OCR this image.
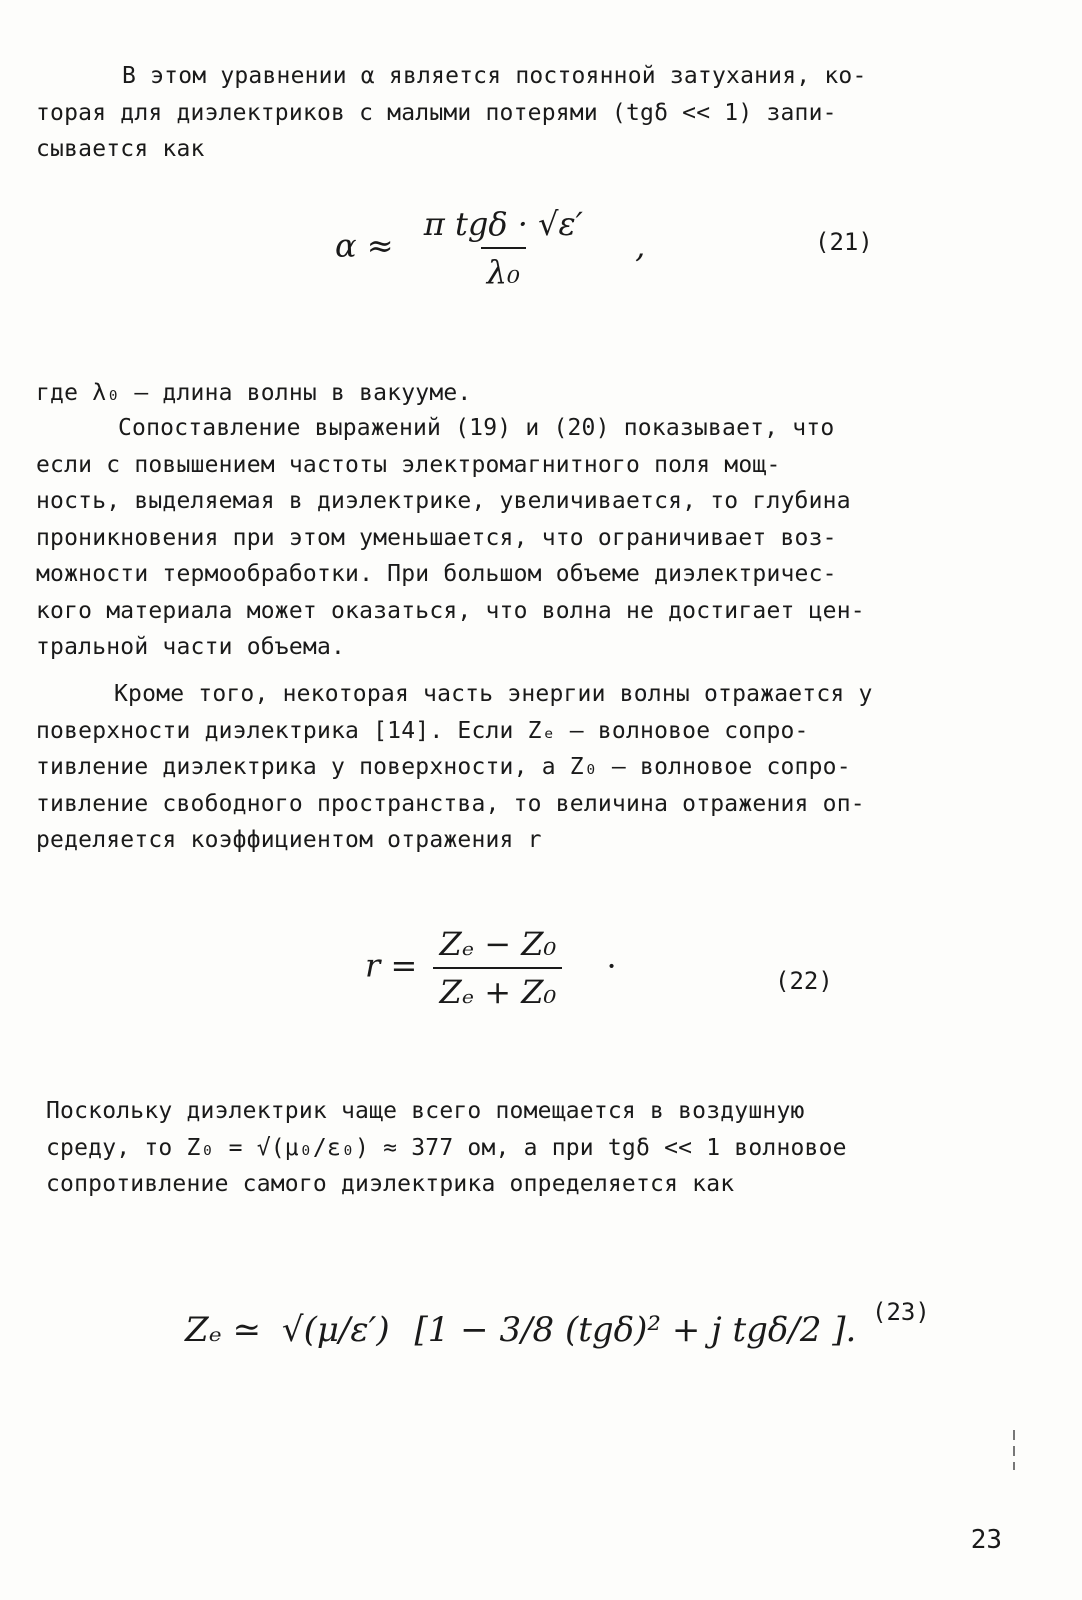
В этом уравнении α является постоянной затухания, ко-
торая для диэлектриков с малыми потерями (tgδ << 1) запи-
сывается как
$\alpha \approx \frac{\text{π tgδ · √ε′}}{\text{λ₀}}$ ,	(21)
где λ₀ – длина волны в вакууме.
Сопоставление выражений (19) и (20) показывает, что
если с повышением частоты электромагнитного поля мощ-
ность, выделяемая в диэлектрике, увеличивается, то глубина
проникновения при этом уменьшается, что ограничивает воз-
можности термообработки. При большом объеме диэлектричес-
кого материала может оказаться, что волна не достигает цен-
тральной части объема.
Кроме того, некоторая часть энергии волны отражается у
поверхности диэлектрика [14]. Если Zₑ – волновое сопро-
тивление диэлектрика у поверхности, а Z₀ – волновое сопро-
тивление свободного пространства, то величина отражения оп-
ределяется коэффициентом отражения r
$r = \frac{\text{Zₑ − Z₀}}{\text{Zₑ + Z₀}}$ ·	(22)
Поскольку диэлектрик чаще всего помещается в воздушную
среду, то Z₀ = √(μ₀/ε₀) ≈ 377 ом, а при tgδ << 1 волновое
сопротивление самого диэлектрика определяется как
Zₑ ≃ √(μ/ε′) [1 − 3/8 (tgδ)² + j tgδ/2 ]. (23)
23
